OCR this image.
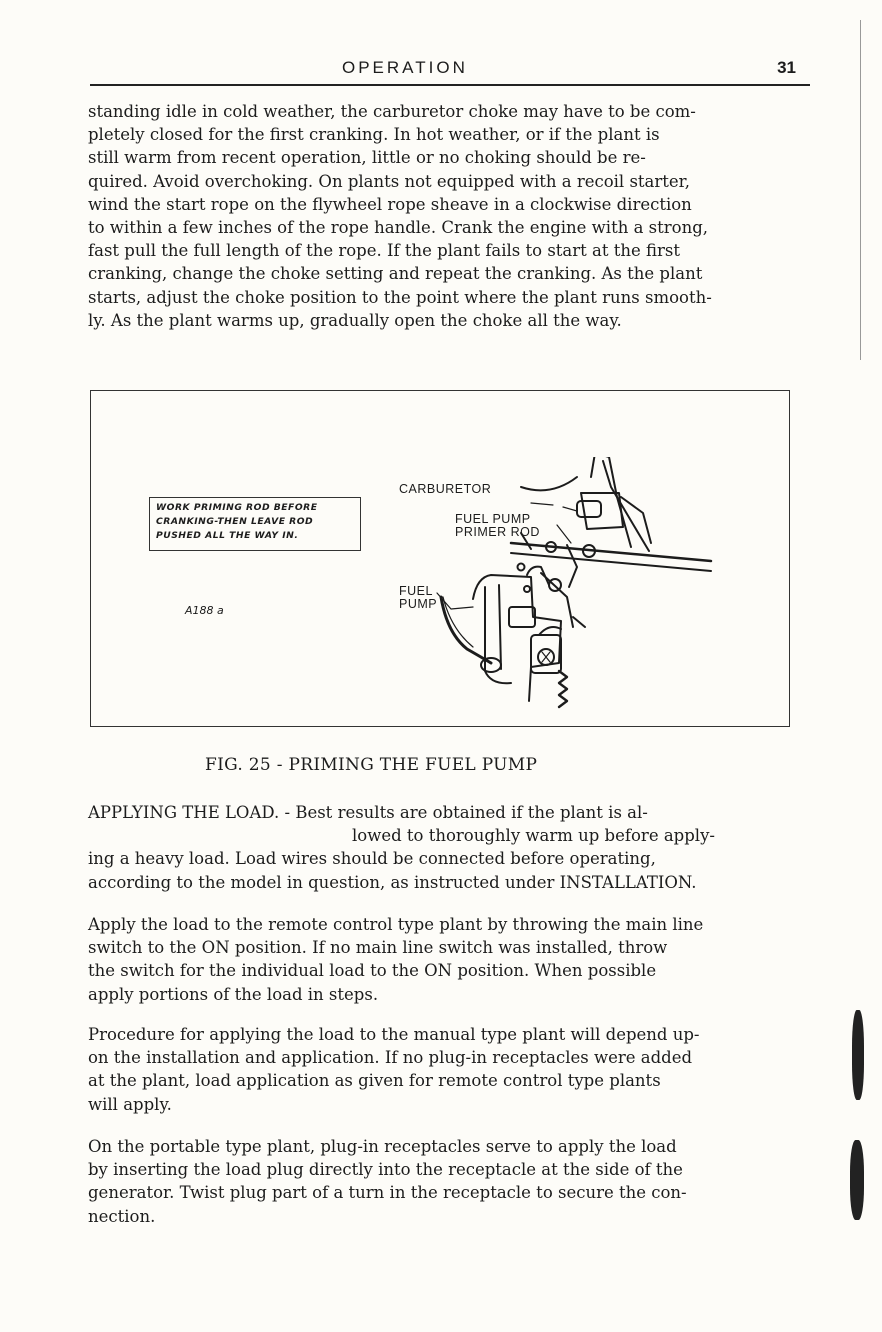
OPERATION	31

standing idle in cold weather, the carburetor choke may have to be com-

pletely closed for the first cranking. In hot weather, or if the plant is

still warm from recent operation, little or no choking should be re-

quired. Avoid overchoking. On plants not equipped with a recoil starter,

wind the start rope on the flywheel rope sheave in a clockwise direction

to within a few inches of the rope handle. Crank the engine with a strong,

fast pull the full length of the rope. If the plant fails to start at the first

cranking, change the choke setting and repeat the cranking. As the plant

starts, adjust the choke position to the point where the plant runs smooth-

ly. As the plant warms up, gradually open the choke all the way.

WORK PRIMING ROD BEFORE

CRANKING-THEN LEAVE ROD

PUSHED ALL THE WAY IN.

A188 a
CARBURETOR
FUEL PUMP
PRIMER ROD
FUEL
PUMP
FIG. 25 - PRIMING THE FUEL PUMP

APPLYING THE LOAD. - Best results are obtained if the plant is al-

lowed to thoroughly warm up before apply-

ing a heavy load. Load wires should be connected before operating,

according to the model in question, as instructed under INSTALLATION.

Apply the load to the remote control type plant by throwing the main line

switch to the ON position. If no main line switch was installed, throw

the switch for the individual load to the ON position. When possible

apply portions of the load in steps.

Procedure for applying the load to the manual type plant will depend up-

on the installation and application. If no plug-in receptacles were added

at the plant, load application as given for remote control type plants

will apply.

On the portable type plant, plug-in receptacles serve to apply the load

by inserting the load plug directly into the receptacle at the side of the

generator. Twist plug part of a turn in the receptacle to secure the con-

nection.
